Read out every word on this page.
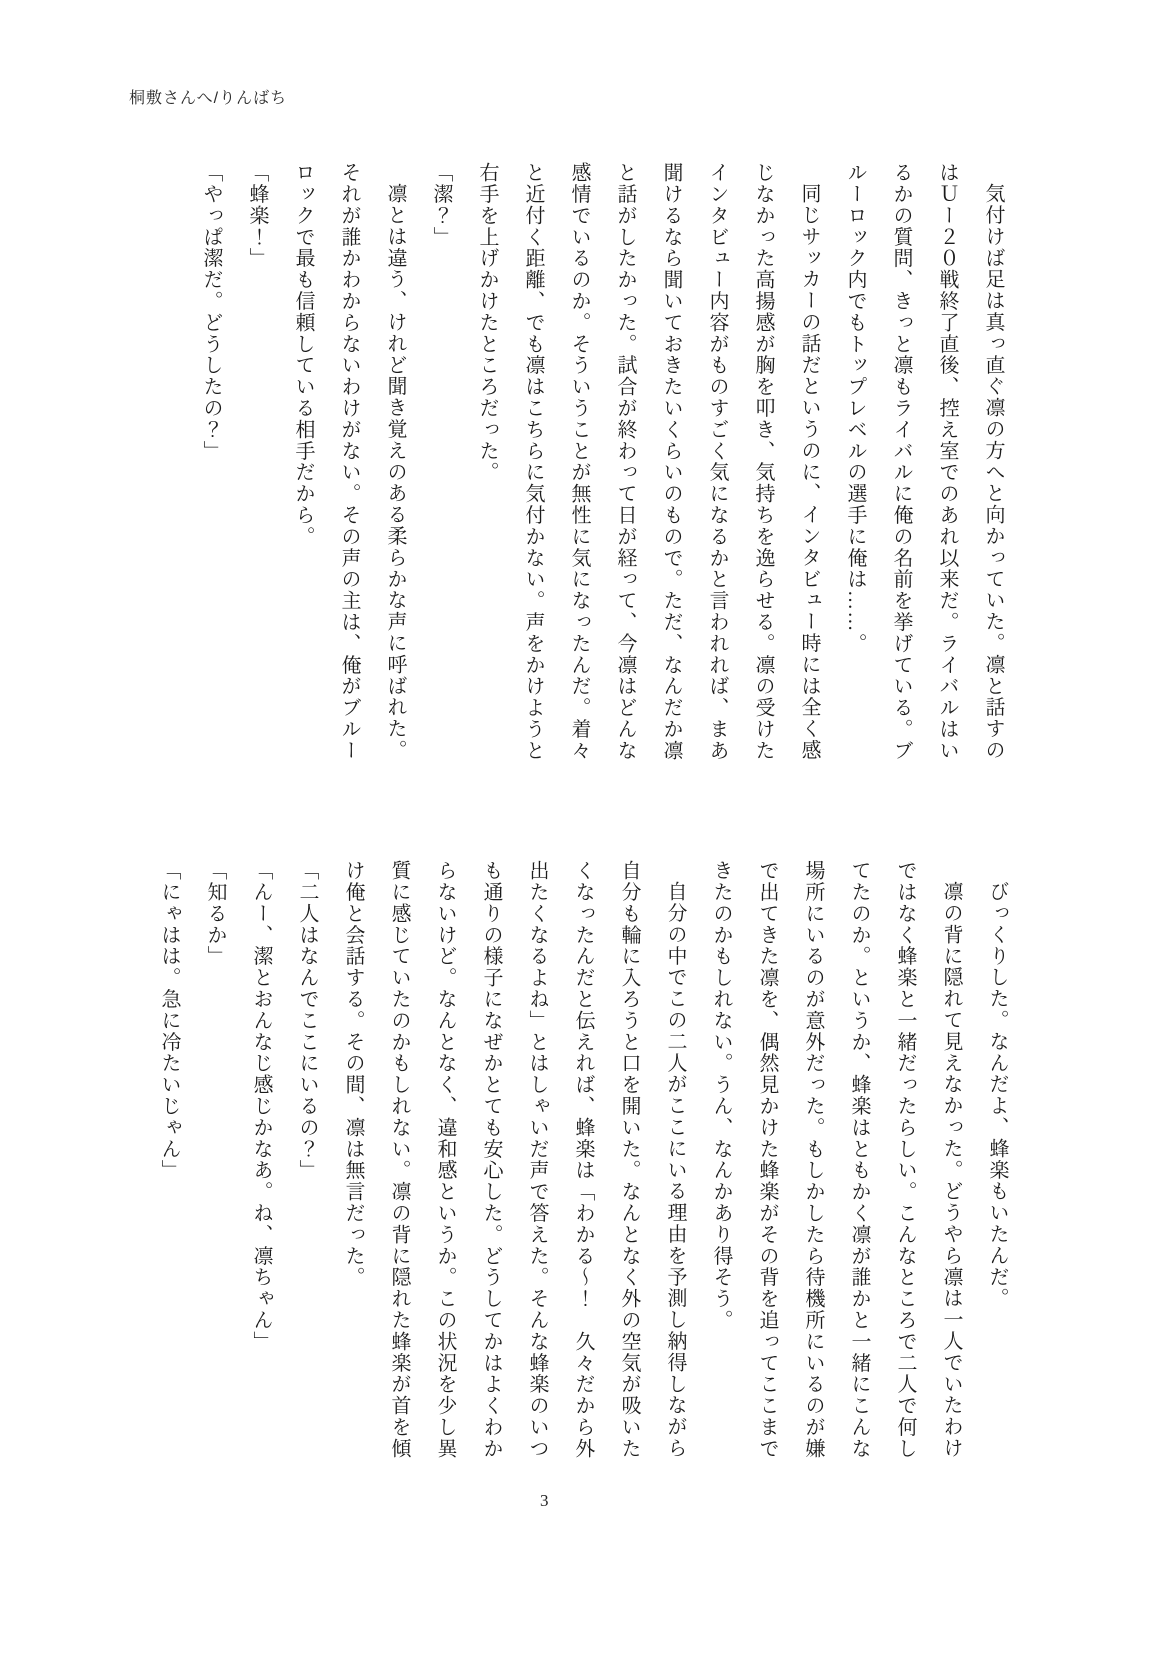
桐敷さんへ/りんばち
気付けば足は真っ直ぐ凛の方へと向かっていた。凛と話すの
はＵー２０戦終了直後、控え室でのあれ以来だ。ライバルはい
るかの質問、きっと凛もライバルに俺の名前を挙げている。ブ
ルーロック内でもトップレベルの選手に俺は……。
同じサッカーの話だというのに、インタビュー時には全く感
じなかった高揚感が胸を叩き、気持ちを逸らせる。凛の受けた
インタビュー内容がものすごく気になるかと言われれば、まあ
聞けるなら聞いておきたいくらいのもので。ただ、なんだか凛
と話がしたかった。試合が終わって日が経って、今凛はどんな
感情でいるのか。そういうことが無性に気になったんだ。着々
と近付く距離、でも凛はこちらに気付かない。声をかけようと
右手を上げかけたところだった。
「潔？」
凛とは違う、けれど聞き覚えのある柔らかな声に呼ばれた。
それが誰かわからないわけがない。その声の主は、俺がブルー
ロックで最も信頼している相手だから。
「蜂楽！」
「やっぱ潔だ。どうしたの？」
びっくりした。なんだよ、蜂楽もいたんだ。
凛の背に隠れて見えなかった。どうやら凛は一人でいたわけ
ではなく蜂楽と一緒だったらしい。こんなところで二人で何し
てたのか。というか、蜂楽はともかく凛が誰かと一緒にこんな
場所にいるのが意外だった。もしかしたら待機所にいるのが嫌
で出てきた凛を、偶然見かけた蜂楽がその背を追ってここまで
きたのかもしれない。うん、なんかあり得そう。
自分の中でこの二人がここにいる理由を予測し納得しながら
自分も輪に入ろうと口を開いた。なんとなく外の空気が吸いた
くなったんだと伝えれば、蜂楽は「わかる〜！　久々だから外
出たくなるよね」とはしゃいだ声で答えた。そんな蜂楽のいつ
も通りの様子になぜかとても安心した。どうしてかはよくわか
らないけど。なんとなく、違和感というか。この状況を少し異
質に感じていたのかもしれない。凛の背に隠れた蜂楽が首を傾
け俺と会話する。その間、凛は無言だった。
「二人はなんでここにいるの？」
「んー、潔とおんなじ感じかなあ。ね、凛ちゃん」
「知るか」
「にゃはは。急に冷たいじゃん」
3
